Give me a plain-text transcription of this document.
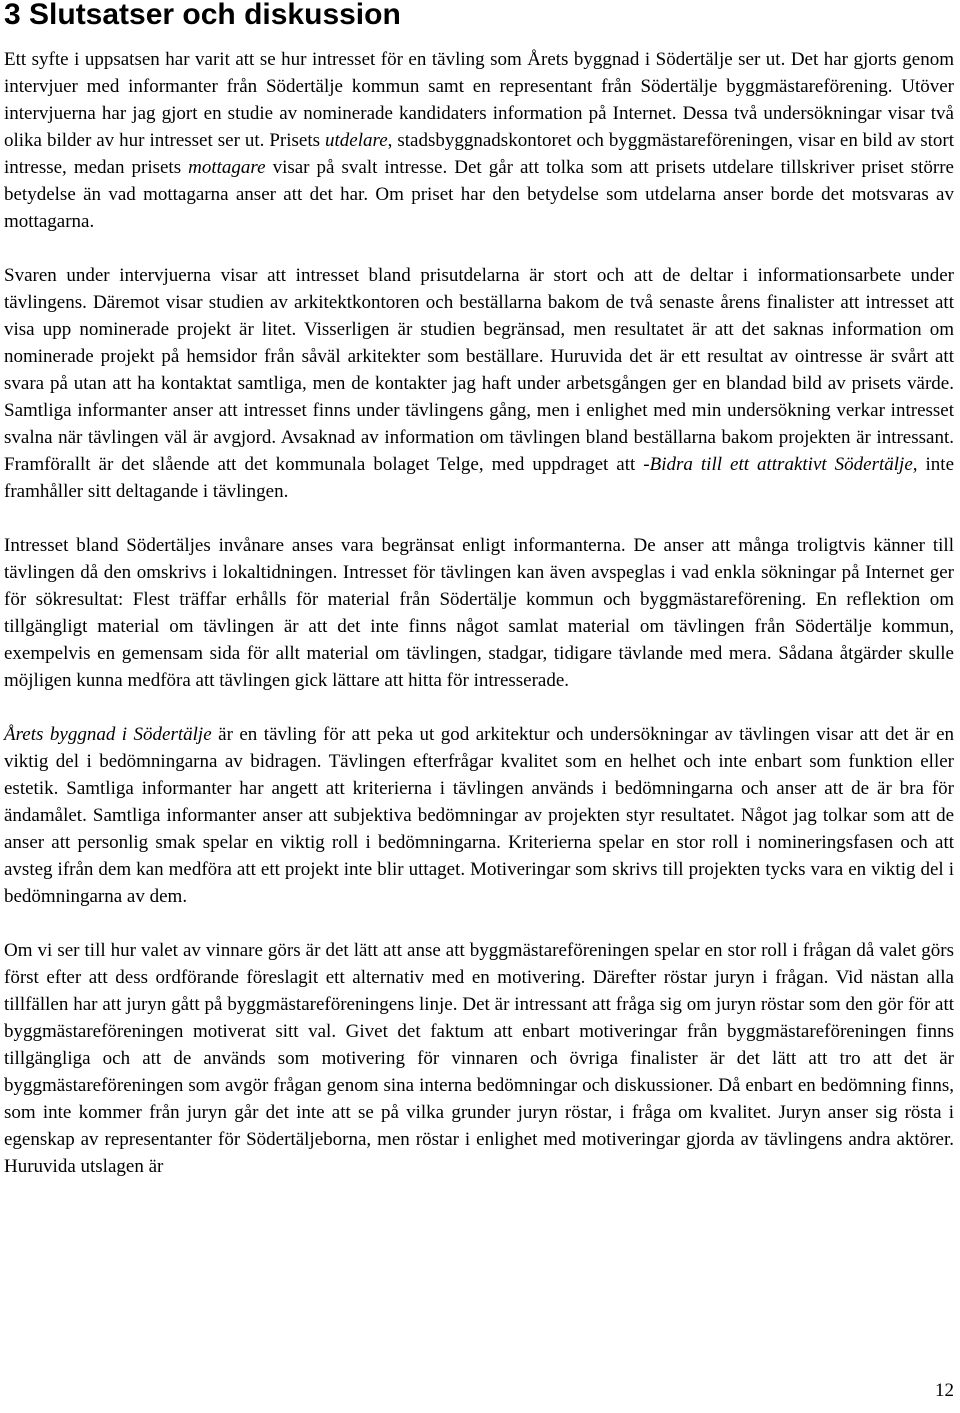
3 Slutsatser och diskussion

Ett syfte i uppsatsen har varit att se hur intresset för en tävling som Årets byggnad i Södertälje ser ut. Det har gjorts genom intervjuer med informanter från Södertälje kommun samt en representant från Södertälje byggmästareförening. Utöver intervjuerna har jag gjort en studie av nominerade kandidaters information på Internet. Dessa två undersökningar visar två olika bilder av hur intresset ser ut. Prisets utdelare, stadsbyggnadskontoret och byggmästareföreningen, visar en bild av stort intresse, medan prisets mottagare visar på svalt intresse. Det går att tolka som att prisets utdelare tillskriver priset större betydelse än vad mottagarna anser att det har. Om priset har den betydelse som utdelarna anser borde det motsvaras av mottagarna.

Svaren under intervjuerna visar att intresset bland prisutdelarna är stort och att de deltar i informationsarbete under tävlingens. Däremot visar studien av arkitektkontoren och beställarna bakom de två senaste årens finalister att intresset att visa upp nominerade projekt är litet. Visserligen är studien begränsad, men resultatet är att det saknas information om nominerade projekt på hemsidor från såväl arkitekter som beställare. Huruvida det är ett resultat av ointresse är svårt att svara på utan att ha kontaktat samtliga, men de kontakter jag haft under arbetsgången ger en blandad bild av prisets värde. Samtliga informanter anser att intresset finns under tävlingens gång, men i enlighet med min undersökning verkar intresset svalna när tävlingen väl är avgjord. Avsaknad av information om tävlingen bland beställarna bakom projekten är intressant. Framförallt är det slående att det kommunala bolaget Telge, med uppdraget att -Bidra till ett attraktivt Södertälje, inte framhåller sitt deltagande i tävlingen.

Intresset bland Södertäljes invånare anses vara begränsat enligt informanterna. De anser att många troligtvis känner till tävlingen då den omskrivs i lokaltidningen. Intresset för tävlingen kan även avspeglas i vad enkla sökningar på Internet ger för sökresultat: Flest träffar erhålls för material från Södertälje kommun och byggmästareförening. En reflektion om tillgängligt material om tävlingen är att det inte finns något samlat material om tävlingen från Södertälje kommun, exempelvis en gemensam sida för allt material om tävlingen, stadgar, tidigare tävlande med mera. Sådana åtgärder skulle möjligen kunna medföra att tävlingen gick lättare att hitta för intresserade.

Årets byggnad i Södertälje är en tävling för att peka ut god arkitektur och undersökningar av tävlingen visar att det är en viktig del i bedömningarna av bidragen. Tävlingen efterfrågar kvalitet som en helhet och inte enbart som funktion eller estetik. Samtliga informanter har angett att kriterierna i tävlingen används i bedömningarna och anser att de är bra för ändamålet. Samtliga informanter anser att subjektiva bedömningar av projekten styr resultatet. Något jag tolkar som att de anser att personlig smak spelar en viktig roll i bedömningarna. Kriterierna spelar en stor roll i nomineringsfasen och att avsteg ifrån dem kan medföra att ett projekt inte blir uttaget. Motiveringar som skrivs till projekten tycks vara en viktig del i bedömningarna av dem.

Om vi ser till hur valet av vinnare görs är det lätt att anse att byggmästareföreningen spelar en stor roll i frågan då valet görs först efter att dess ordförande föreslagit ett alternativ med en motivering. Därefter röstar juryn i frågan. Vid nästan alla tillfällen har att juryn gått på byggmästareföreningens linje. Det är intressant att fråga sig om juryn röstar som den gör för att byggmästareföreningen motiverat sitt val. Givet det faktum att enbart motiveringar från byggmästareföreningen finns tillgängliga och att de används som motivering för vinnaren och övriga finalister är det lätt att tro att det är byggmästareföreningen som avgör frågan genom sina interna bedömningar och diskussioner. Då enbart en bedömning finns, som inte kommer från juryn går det inte att se på vilka grunder juryn röstar, i fråga om kvalitet. Juryn anser sig rösta i egenskap av representanter för Södertäljeborna, men röstar i enlighet med motiveringar gjorda av tävlingens andra aktörer. Huruvida utslagen är

12
